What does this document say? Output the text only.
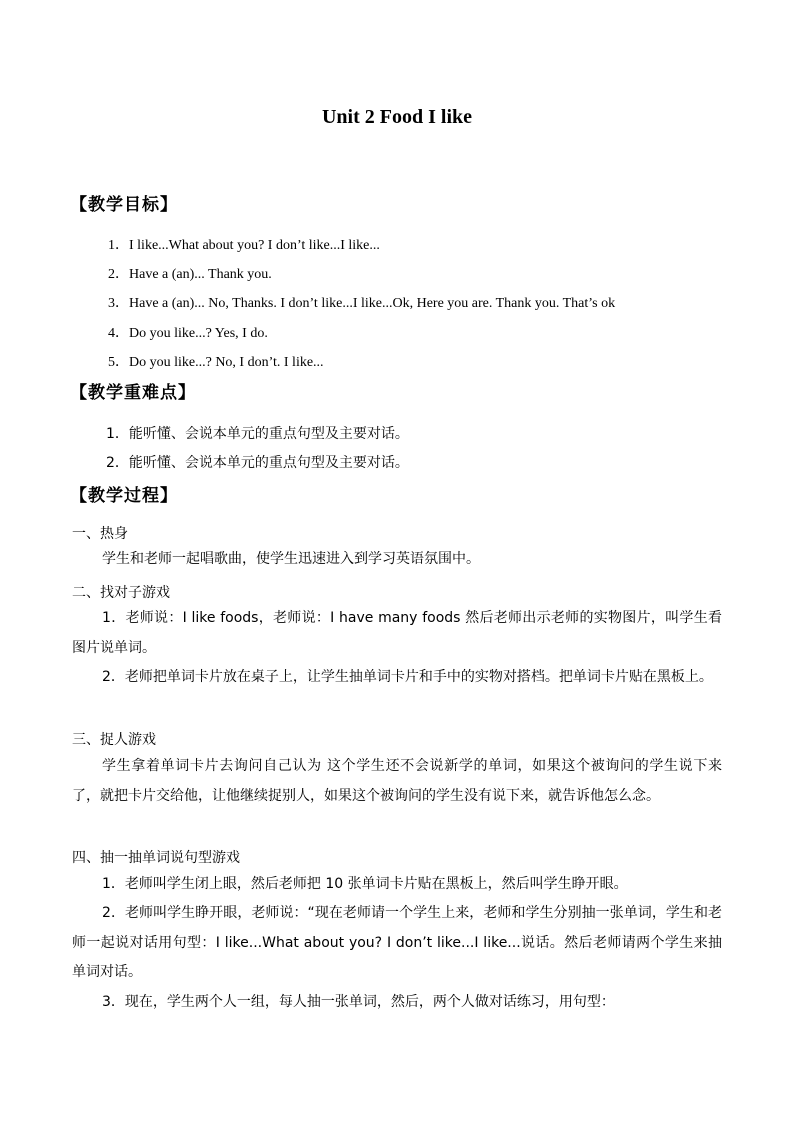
Unit 2 Food I like
【教学目标】
1．I like...What about you? I don’t like...I like...
2．Have a (an)... Thank you.
3．Have a (an)... No, Thanks. I don’t like...I like...Ok, Here you are. Thank you. That’s ok
4．Do you like...? Yes, I do.
5．Do you like...? No, I don’t. I like...
【教学重难点】
1．能听懂、会说本单元的重点句型及主要对话。
2．能听懂、会说本单元的重点句型及主要对话。
【教学过程】
一、热身
学生和老师一起唱歌曲，使学生迅速进入到学习英语氛围中。
二、找对子游戏
1．老师说：I like foods，老师说：I have many foods 然后老师出示老师的实物图片，叫学生看图片说单词。
2．老师把单词卡片放在桌子上，让学生抽单词卡片和手中的实物对搭档。把单词卡片贴在黑板上。
三、捉人游戏
学生拿着单词卡片去询问自己认为 这个学生还不会说新学的单词，如果这个被询问的学生说下来了，就把卡片交给他，让他继续捉别人，如果这个被询问的学生没有说下来，就告诉他怎么念。
四、抽一抽单词说句型游戏
1．老师叫学生闭上眼，然后老师把 10 张单词卡片贴在黑板上，然后叫学生睁开眼。
2．老师叫学生睁开眼，老师说：“现在老师请一个学生上来，老师和学生分别抽一张单词，学生和老师一起说对话用句型：I like...What about you? I don’t like...I like...说话。然后老师请两个学生来抽单词对话。
3．现在，学生两个人一组，每人抽一张单词，然后，两个人做对话练习，用句型：
